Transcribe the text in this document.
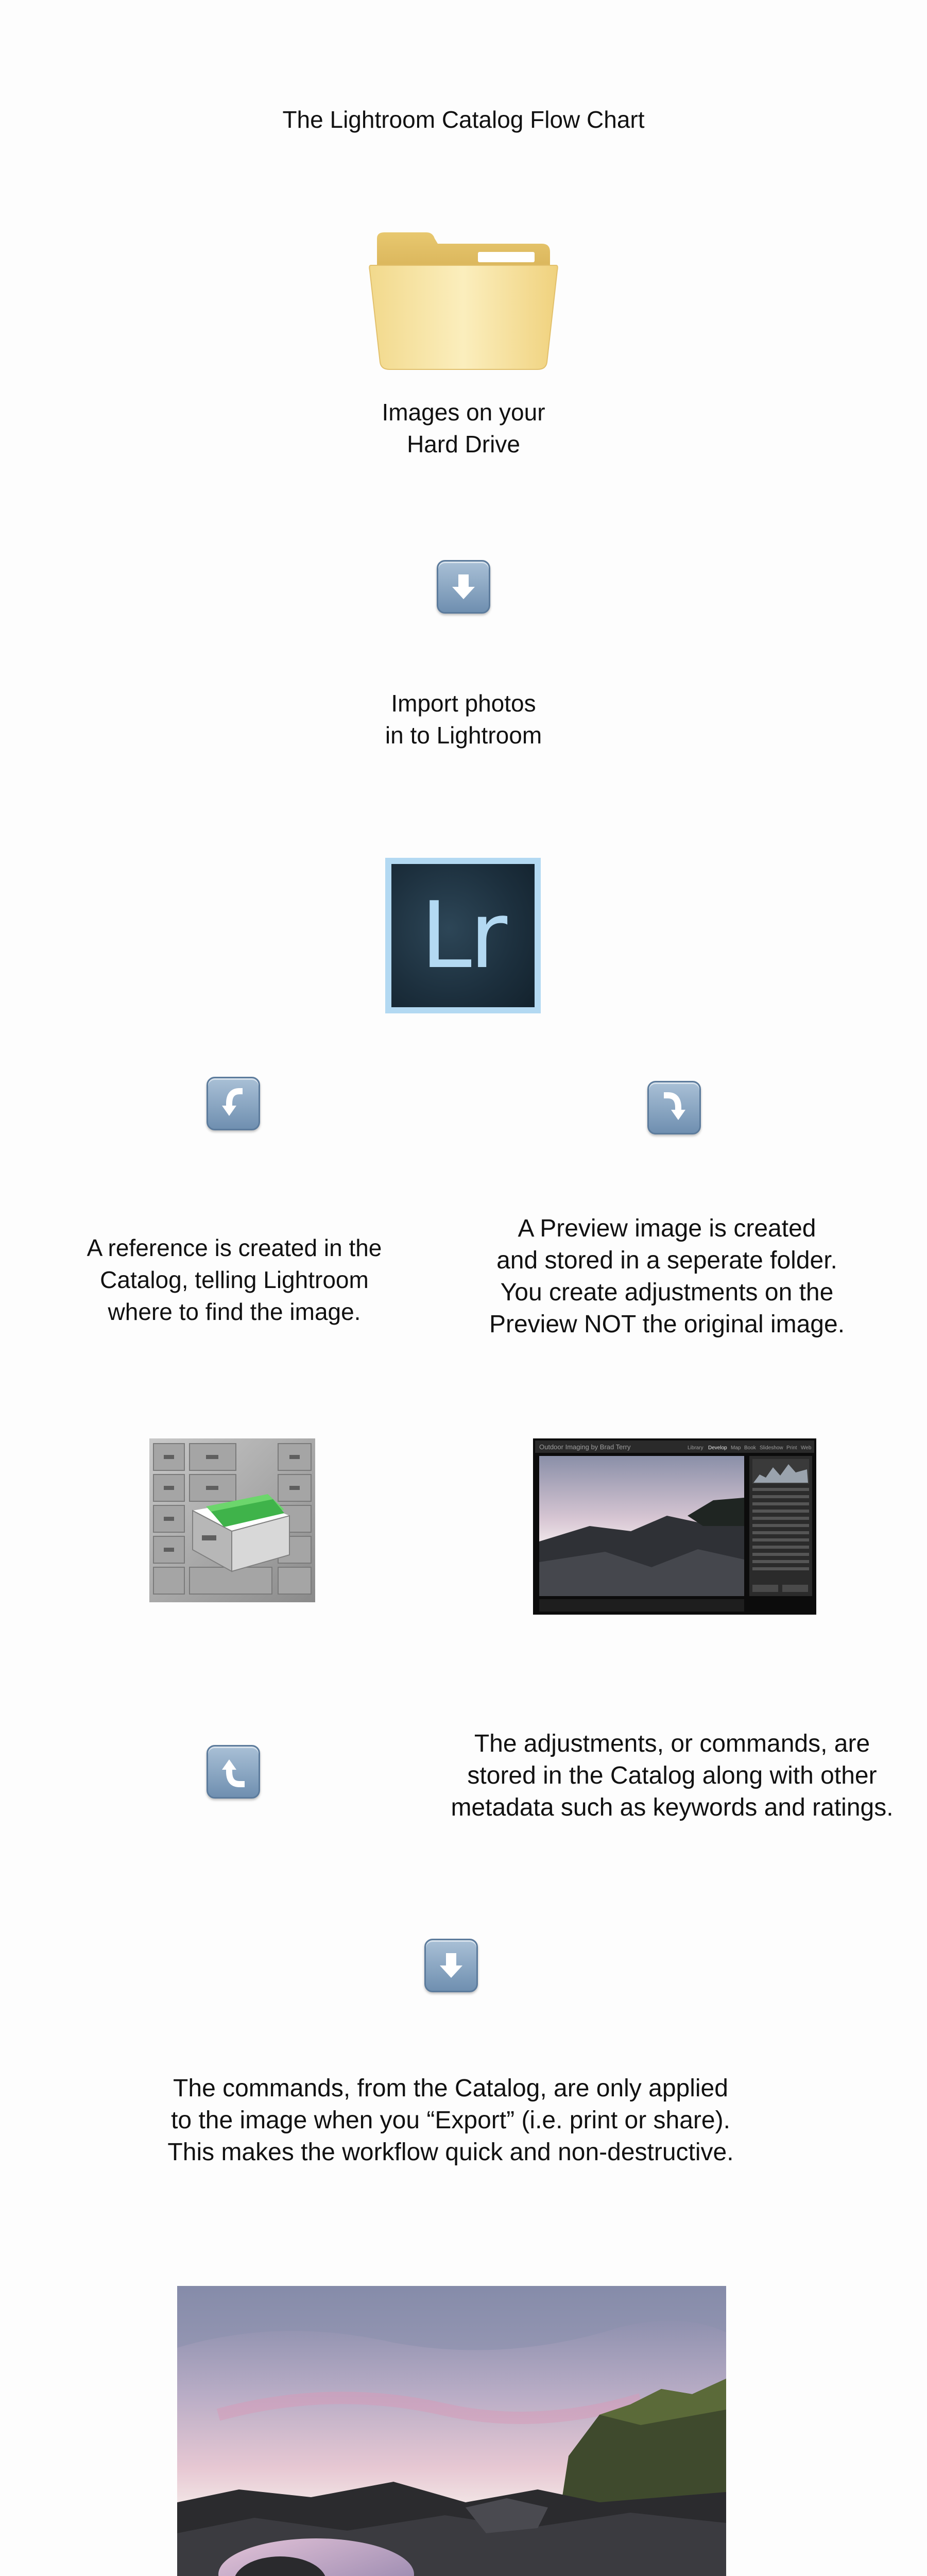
The Lightroom Catalog Flow Chart
Images on your
Hard Drive
Import photos
in to Lightroom
Lr
A reference is created in the
Catalog, telling Lightroom
where to find the image.
A Preview image is created
and stored in a seperate folder.
You create adjustments on the
Preview NOT the original image.
Outdoor Imaging by Brad Terry	Library Develop Map Book Slideshow Print Web
The adjustments, or commands, are
stored in the Catalog along with other
metadata such as keywords and ratings.
The commands, from the Catalog, are only applied
to the image when you “Export” (i.e. print or share).
This makes the workflow quick and non-destructive.
